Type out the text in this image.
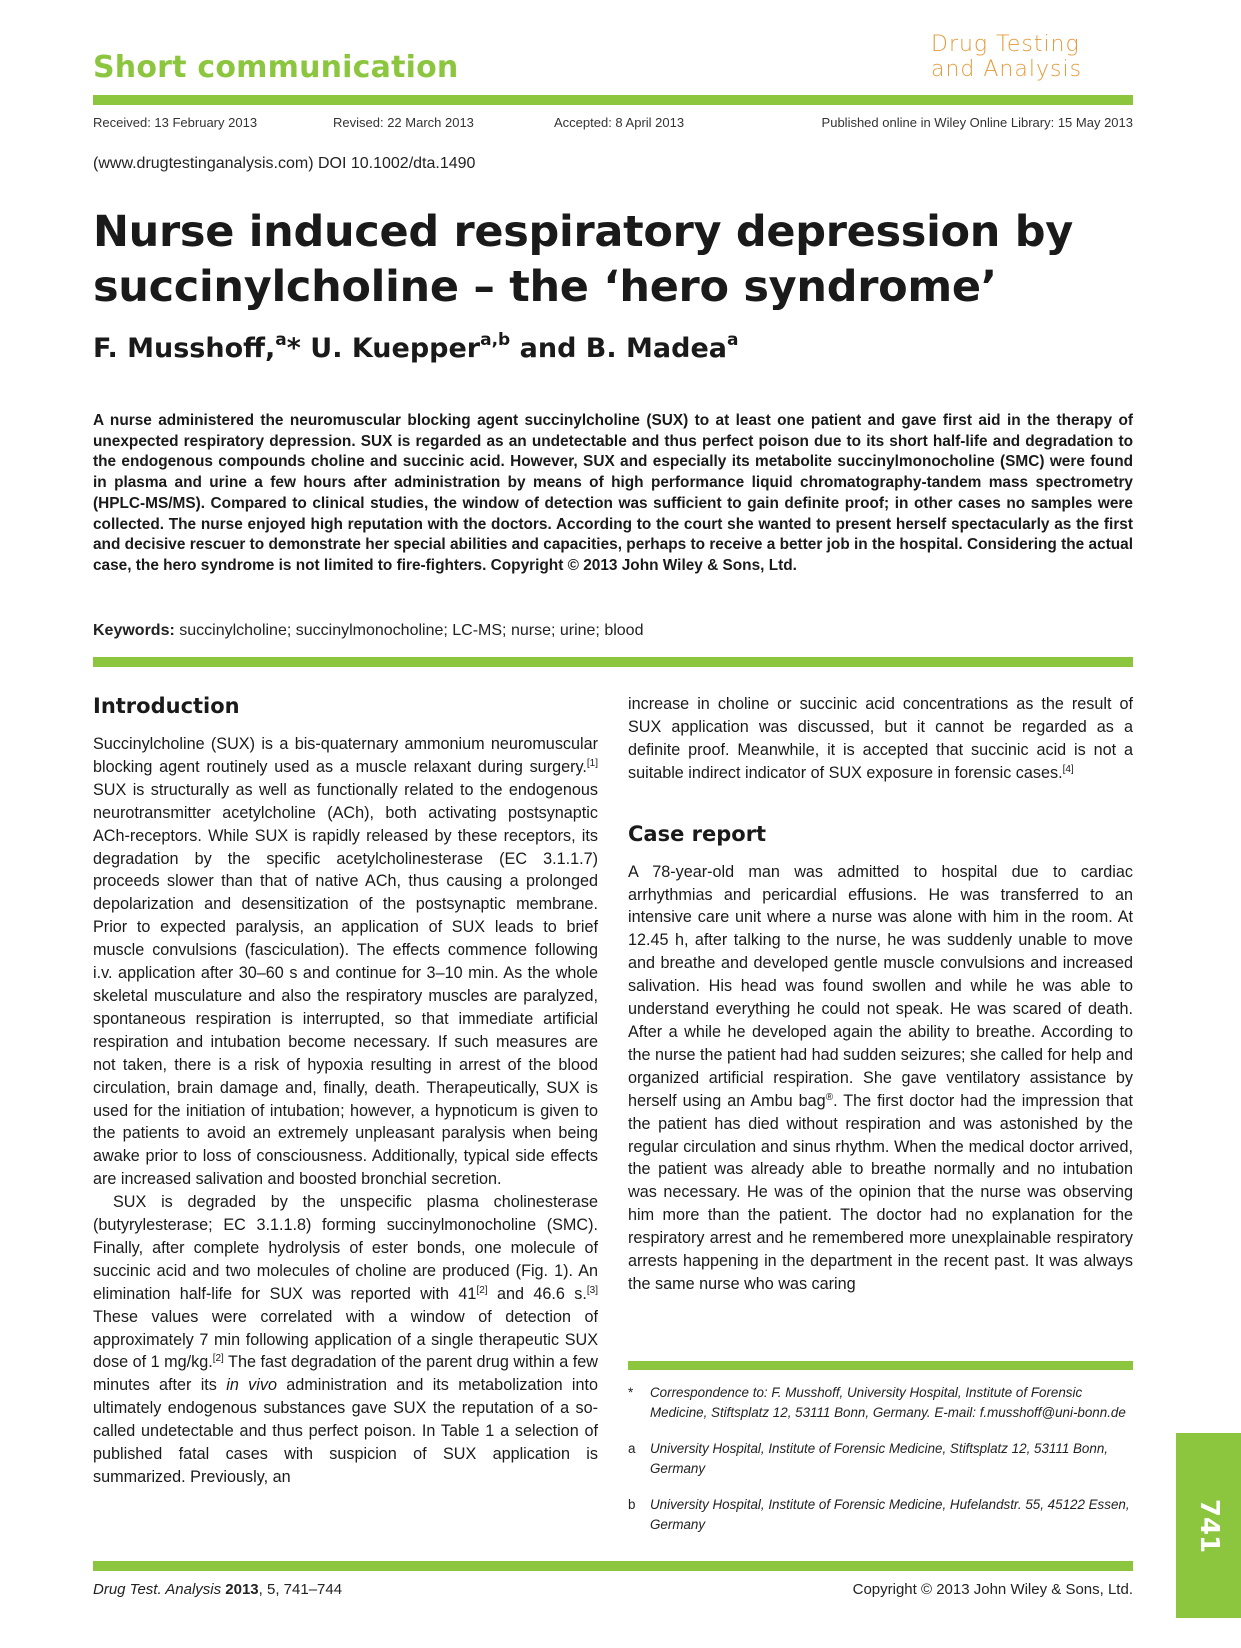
Short communication
Drug Testing
and Analysis
Received: 13 February 2013	Revised: 22 March 2013	Accepted: 8 April 2013	Published online in Wiley Online Library: 15 May 2013
(www.drugtestinganalysis.com) DOI 10.1002/dta.1490
Nurse induced respiratory depression by
succinylcholine – the ‘hero syndrome’
F. Musshoff,$^a$* U. Kuepper$^{a,b}$ and B. Madea$^a$
A nurse administered the neuromuscular blocking agent succinylcholine (SUX) to at least one patient and gave first aid in the therapy of unexpected respiratory depression. SUX is regarded as an undetectable and thus perfect poison due to its short half-life and degradation to the endogenous compounds choline and succinic acid. However, SUX and especially its metabolite succinylmonocholine (SMC) were found in plasma and urine a few hours after administration by means of high performance liquid chromatography-tandem mass spectrometry (HPLC-MS/MS). Compared to clinical studies, the window of detection was sufficient to gain definite proof; in other cases no samples were collected. The nurse enjoyed high reputation with the doctors. According to the court she wanted to present herself spectacularly as the first and decisive rescuer to demonstrate her special abilities and capacities, perhaps to receive a better job in the hospital. Considering the actual case, the hero syndrome is not limited to fire-fighters. Copyright © 2013 John Wiley & Sons, Ltd.
Keywords: succinylcholine; succinylmonocholine; LC-MS; nurse; urine; blood
Introduction

Succinylcholine (SUX) is a bis-quaternary ammonium neuromuscular blocking agent routinely used as a muscle relaxant during surgery.[1] SUX is structurally as well as functionally related to the endogenous neurotransmitter acetylcholine (ACh), both activating postsynaptic ACh-receptors. While SUX is rapidly released by these receptors, its degradation by the specific acetylcholinesterase (EC 3.1.1.7) proceeds slower than that of native ACh, thus causing a prolonged depolarization and desensitization of the postsynaptic membrane. Prior to expected paralysis, an application of SUX leads to brief muscle convulsions (fasciculation). The effects commence following i.v. application after 30–60 s and continue for 3–10 min. As the whole skeletal musculature and also the respiratory muscles are paralyzed, spontaneous respiration is interrupted, so that immediate artificial respiration and intubation become necessary. If such measures are not taken, there is a risk of hypoxia resulting in arrest of the blood circulation, brain damage and, finally, death. Therapeutically, SUX is used for the initiation of intubation; however, a hypnoticum is given to the patients to avoid an extremely unpleasant paralysis when being awake prior to loss of consciousness. Additionally, typical side effects are increased salivation and boosted bronchial secretion.

SUX is degraded by the unspecific plasma cholinesterase (butyrylesterase; EC 3.1.1.8) forming succinylmonocholine (SMC). Finally, after complete hydrolysis of ester bonds, one molecule of succinic acid and two molecules of choline are produced (Fig. 1). An elimination half-life for SUX was reported with 41[2] and 46.6 s.[3] These values were correlated with a window of detection of approximately 7 min following application of a single therapeutic SUX dose of 1 mg/kg.[2] The fast degradation of the parent drug within a few minutes after its in vivo administration and its metabolization into ultimately endogenous substances gave SUX the reputation of a so-called undetectable and thus perfect poison. In Table 1 a selection of published fatal cases with suspicion of SUX application is summarized. Previously, an

increase in choline or succinic acid concentrations as the result of SUX application was discussed, but it cannot be regarded as a definite proof. Meanwhile, it is accepted that succinic acid is not a suitable indirect indicator of SUX exposure in forensic cases.[4]

Case report

A 78-year-old man was admitted to hospital due to cardiac arrhythmias and pericardial effusions. He was transferred to an intensive care unit where a nurse was alone with him in the room. At 12.45 h, after talking to the nurse, he was suddenly unable to move and breathe and developed gentle muscle convulsions and increased salivation. His head was found swollen and while he was able to understand everything he could not speak. He was scared of death. After a while he developed again the ability to breathe. According to the nurse the patient had had sudden seizures; she called for help and organized artificial respiration. She gave ventilatory assistance by herself using an Ambu bag®. The first doctor had the impression that the patient has died without respiration and was astonished by the regular circulation and sinus rhythm. When the medical doctor arrived, the patient was already able to breathe normally and no intubation was necessary. He was of the opinion that the nurse was observing him more than the patient. The doctor had no explanation for the respiratory arrest and he remembered more unexplainable respiratory arrests happening in the department in the recent past. It was always the same nurse who was caring

* Correspondence to: F. Musshoff, University Hospital, Institute of Forensic Medicine, Stiftsplatz 12, 53111 Bonn, Germany. E-mail: f.musshoff@uni-bonn.de
a University Hospital, Institute of Forensic Medicine, Stiftsplatz 12, 53111 Bonn, Germany
b University Hospital, Institute of Forensic Medicine, Hufelandstr. 55, 45122 Essen, Germany	741
Drug Test. Analysis 2013, 5, 741–744	Copyright © 2013 John Wiley & Sons, Ltd.
